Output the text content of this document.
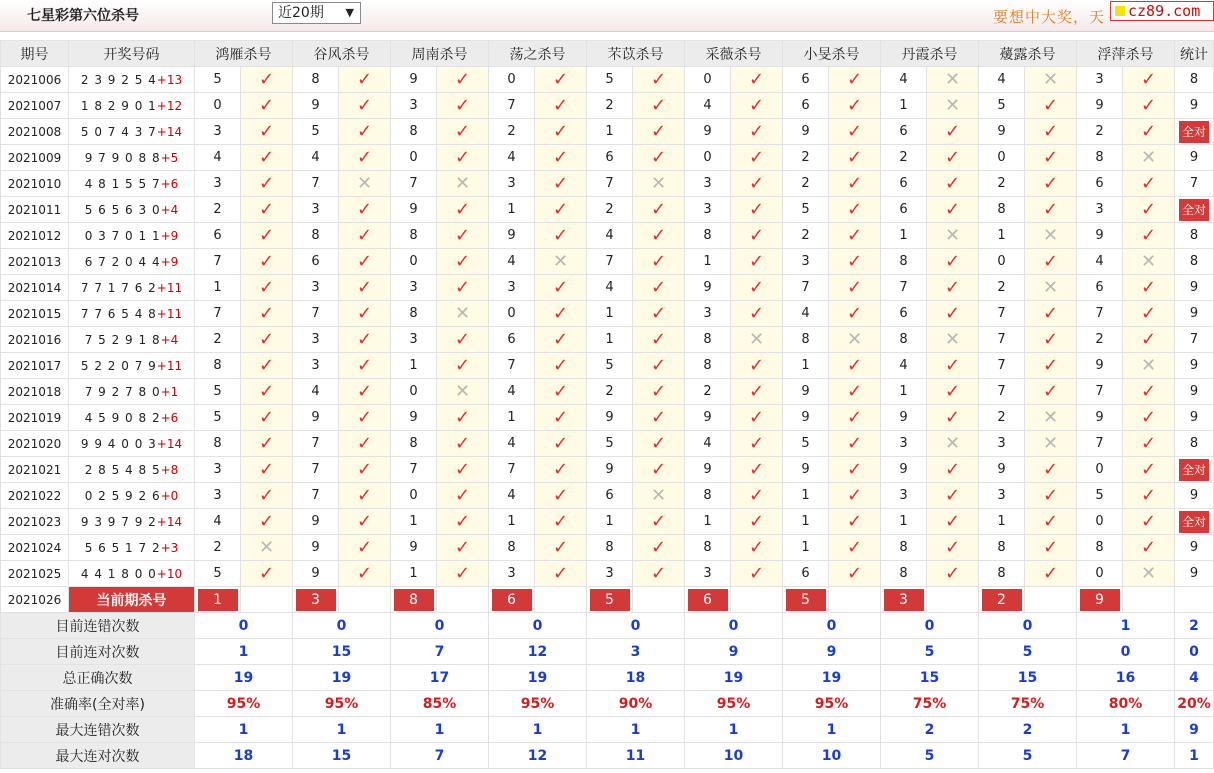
七星彩第六位杀号	近20期 ▼	要想中大奖，天	cz89.com
期号	开奖号码	鸿雁杀号		谷风杀号		周南杀号		荡之杀号		芣苡杀号		采薇杀号		小旻杀号		丹霞杀号		蕿露杀号		浮萍杀号		统计
2021006	2 3 9 2 5 4+13	5	✓	8	✓	9	✓	0	✓	5	✓	0	✓	6	✓	4	✕	4	✕	3	✓	8
2021007	1 8 2 9 0 1+12	0	✓	9	✓	3	✓	7	✓	2	✓	4	✓	6	✓	1	✕	5	✓	9	✓	9
2021008	5 0 7 4 3 7+14	3	✓	5	✓	8	✓	2	✓	1	✓	9	✓	9	✓	6	✓	9	✓	2	✓	全对
2021009	9 7 9 0 8 8+5	4	✓	4	✓	0	✓	4	✓	6	✓	0	✓	2	✓	2	✓	0	✓	8	✕	9
2021010	4 8 1 5 5 7+6	3	✓	7	✕	7	✕	3	✓	7	✕	3	✓	2	✓	6	✓	2	✓	6	✓	7
2021011	5 6 5 6 3 0+4	2	✓	3	✓	9	✓	1	✓	2	✓	3	✓	5	✓	6	✓	8	✓	3	✓	全对
2021012	0 3 7 0 1 1+9	6	✓	8	✓	8	✓	9	✓	4	✓	8	✓	2	✓	1	✕	1	✕	9	✓	8
2021013	6 7 2 0 4 4+9	7	✓	6	✓	0	✓	4	✕	7	✓	1	✓	3	✓	8	✓	0	✓	4	✕	8
2021014	7 7 1 7 6 2+11	1	✓	3	✓	3	✓	3	✓	4	✓	9	✓	7	✓	7	✓	2	✕	6	✓	9
2021015	7 7 6 5 4 8+11	7	✓	7	✓	8	✕	0	✓	1	✓	3	✓	4	✓	6	✓	7	✓	7	✓	9
2021016	7 5 2 9 1 8+4	2	✓	3	✓	3	✓	6	✓	1	✓	8	✕	8	✕	8	✕	7	✓	2	✓	7
2021017	5 2 2 0 7 9+11	8	✓	3	✓	1	✓	7	✓	5	✓	8	✓	1	✓	4	✓	7	✓	9	✕	9
2021018	7 9 2 7 8 0+1	5	✓	4	✓	0	✕	4	✓	2	✓	2	✓	9	✓	1	✓	7	✓	7	✓	9
2021019	4 5 9 0 8 2+6	5	✓	9	✓	9	✓	1	✓	9	✓	9	✓	9	✓	9	✓	2	✕	9	✓	9
2021020	9 9 4 0 0 3+14	8	✓	7	✓	8	✓	4	✓	5	✓	4	✓	5	✓	3	✕	3	✕	7	✓	8
2021021	2 8 5 4 8 5+8	3	✓	7	✓	7	✓	7	✓	9	✓	9	✓	9	✓	9	✓	9	✓	0	✓	全对
2021022	0 2 5 9 2 6+0	3	✓	7	✓	0	✓	4	✓	6	✕	8	✓	1	✓	3	✓	3	✓	5	✓	9
2021023	9 3 9 7 9 2+14	4	✓	9	✓	1	✓	1	✓	1	✓	1	✓	1	✓	1	✓	1	✓	0	✓	全对
2021024	5 6 5 1 7 2+3	2	✕	9	✓	9	✓	8	✓	8	✓	8	✓	1	✓	8	✓	8	✓	8	✓	9
2021025	4 4 1 8 0 0+10	5	✓	9	✓	1	✓	3	✓	3	✓	3	✓	6	✓	8	✓	8	✓	0	✕	9
2021026	当前期杀号	1		3		8		6		5		6		5		3		2		9		
目前连错次数		0		0		0		0		0		0		0		0		0		1		2
目前连对次数		1		15		7		12		3		9		9		5		5		0		0
总正确次数		19		19		17		19		18		19		19		15		15		16		4
准确率(全对率)		95%		95%		85%		95%		90%		95%		95%		75%		75%		80%		20%
最大连错次数		1		1		1		1		1		1		1		2		2		1		9
最大连对次数		18		15		7		12		11		10		10		5		5		7		1
